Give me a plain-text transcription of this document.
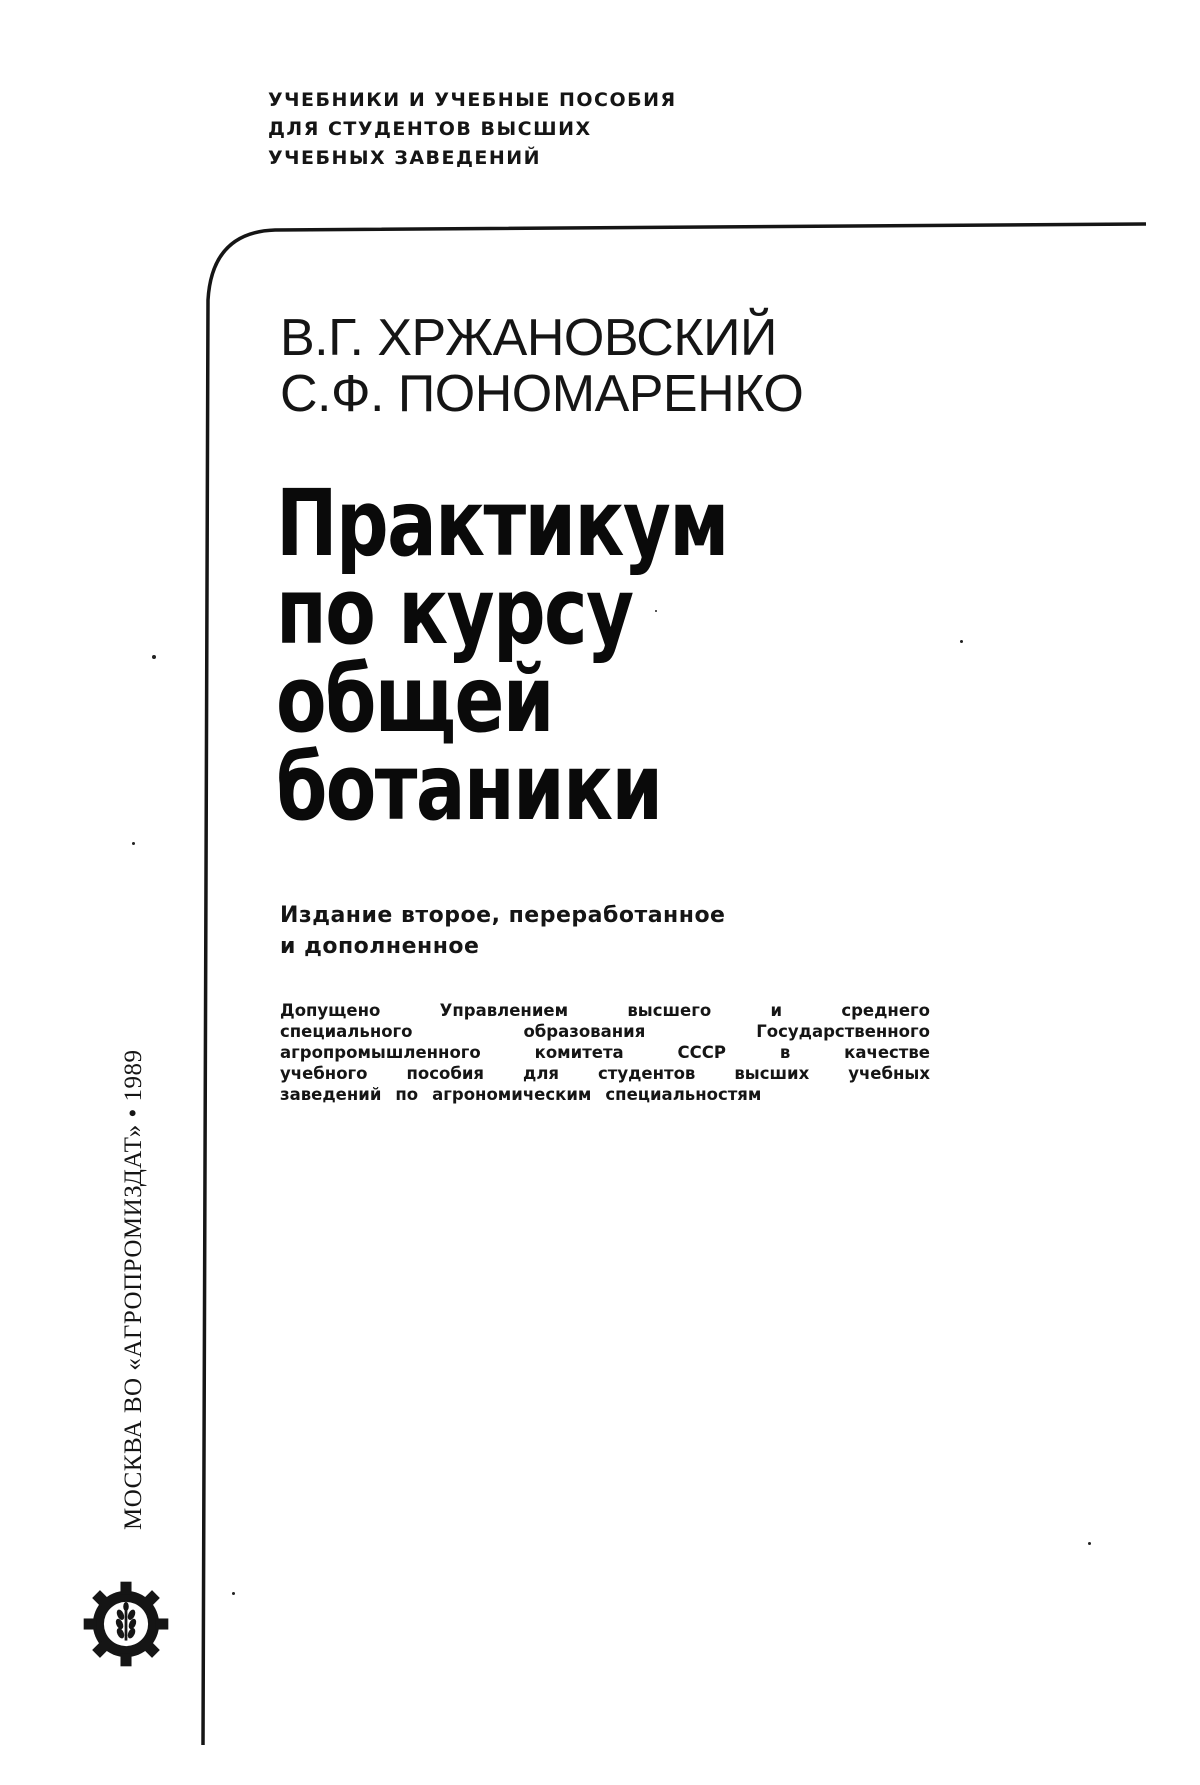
УЧЕБНИКИ И УЧЕБНЫЕ ПОСОБИЯ
ДЛЯ СТУДЕНТОВ ВЫСШИХ
УЧЕБНЫХ ЗАВЕДЕНИЙ
В.Г. ХРЖАНОВСКИЙ
С.Ф. ПОНОМАРЕНКО
Практикум
по курсу
общей
ботаники
Издание второе, переработанное
и дополненное
Допущено	Управлением	высшего	и	среднего
специального	образования	Государственного
агропромышленного	комитета	СССР	в	качестве
учебного пособия для студентов высших учебных
заведений по агрономическим специальностям
МОСКВА ВО «АГРОПРОМИЗДАТ» • 1989
